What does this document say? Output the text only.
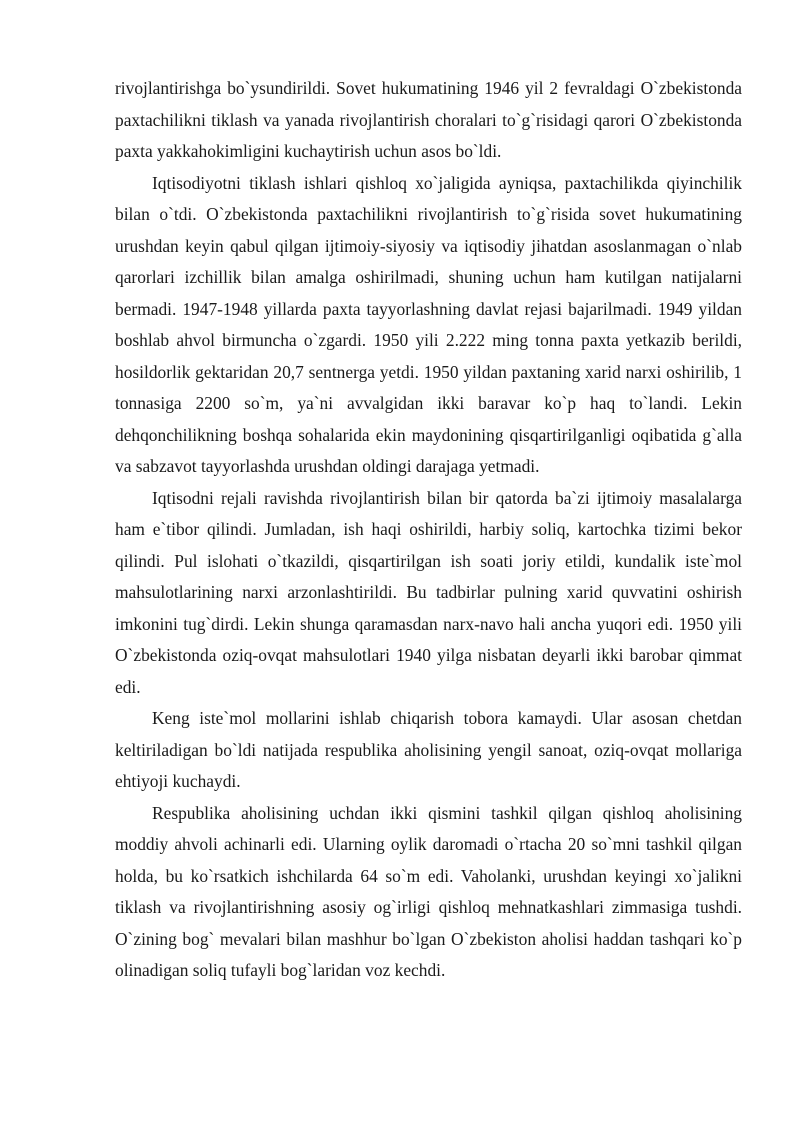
rivojlantirishga bo`ysundirildi. Sovet hukumatining 1946 yil 2 fevraldagi O`zbekistonda paxtachilikni tiklash va yanada rivojlantirish choralari to`g`risidagi qarori O`zbekistonda paxta yakkahokimligini kuchaytirish uchun asos bo`ldi.

Iqtisodiyotni tiklash ishlari qishloq xo`jaligida ayniqsa, paxtachilikda qiyinchilik bilan o`tdi. O`zbekistonda paxtachilikni rivojlantirish to`g`risida sovet hukumatining urushdan keyin qabul qilgan ijtimoiy-siyosiy va iqtisodiy jihatdan asoslanmagan o`nlab qarorlari izchillik bilan amalga oshirilmadi, shuning uchun ham kutilgan natijalarni bermadi. 1947-1948 yillarda paxta tayyorlashning davlat rejasi bajarilmadi. 1949 yildan boshlab ahvol birmuncha o`zgardi. 1950 yili 2.222 ming tonna paxta yetkazib berildi, hosildorlik gektaridan 20,7 sentnerga yetdi. 1950 yildan paxtaning xarid narxi oshirilib, 1 tonnasiga 2200 so`m, ya`ni avvalgidan ikki baravar ko`p haq to`landi. Lekin dehqonchilikning boshqa sohalarida ekin maydonining qisqartirilganligi oqibatida g`alla va sabzavot tayyorlashda urushdan oldingi darajaga yetmadi.

Iqtisodni rejali ravishda rivojlantirish bilan bir qatorda ba`zi ijtimoiy masalalarga ham e`tibor qilindi. Jumladan, ish haqi oshirildi, harbiy soliq, kartochka tizimi bekor qilindi. Pul islohati o`tkazildi, qisqartirilgan ish soati joriy etildi, kundalik iste`mol mahsulotlarining narxi arzonlashtirildi. Bu tadbirlar pulning xarid quvvatini oshirish imkonini tug`dirdi. Lekin shunga qaramasdan narx-navo hali ancha yuqori edi. 1950 yili O`zbekistonda oziq-ovqat mahsulotlari 1940 yilga nisbatan deyarli ikki barobar qimmat edi.

Keng iste`mol mollarini ishlab chiqarish tobora kamaydi. Ular asosan chetdan keltiriladigan bo`ldi natijada respublika aholisining yengil sanoat, oziq-ovqat mollariga ehtiyoji kuchaydi.

Respublika aholisining uchdan ikki qismini tashkil qilgan qishloq aholisining moddiy ahvoli achinarli edi. Ularning oylik daromadi o`rtacha 20 so`mni tashkil qilgan holda, bu ko`rsatkich ishchilarda 64 so`m edi. Vaholanki, urushdan keyingi xo`jalikni tiklash va rivojlantirishning asosiy og`irligi qishloq mehnatkashlari zimmasiga tushdi. O`zining bog` mevalari bilan mashhur bo`lgan O`zbekiston aholisi haddan tashqari ko`p olinadigan soliq tufayli bog`laridan voz kechdi.
